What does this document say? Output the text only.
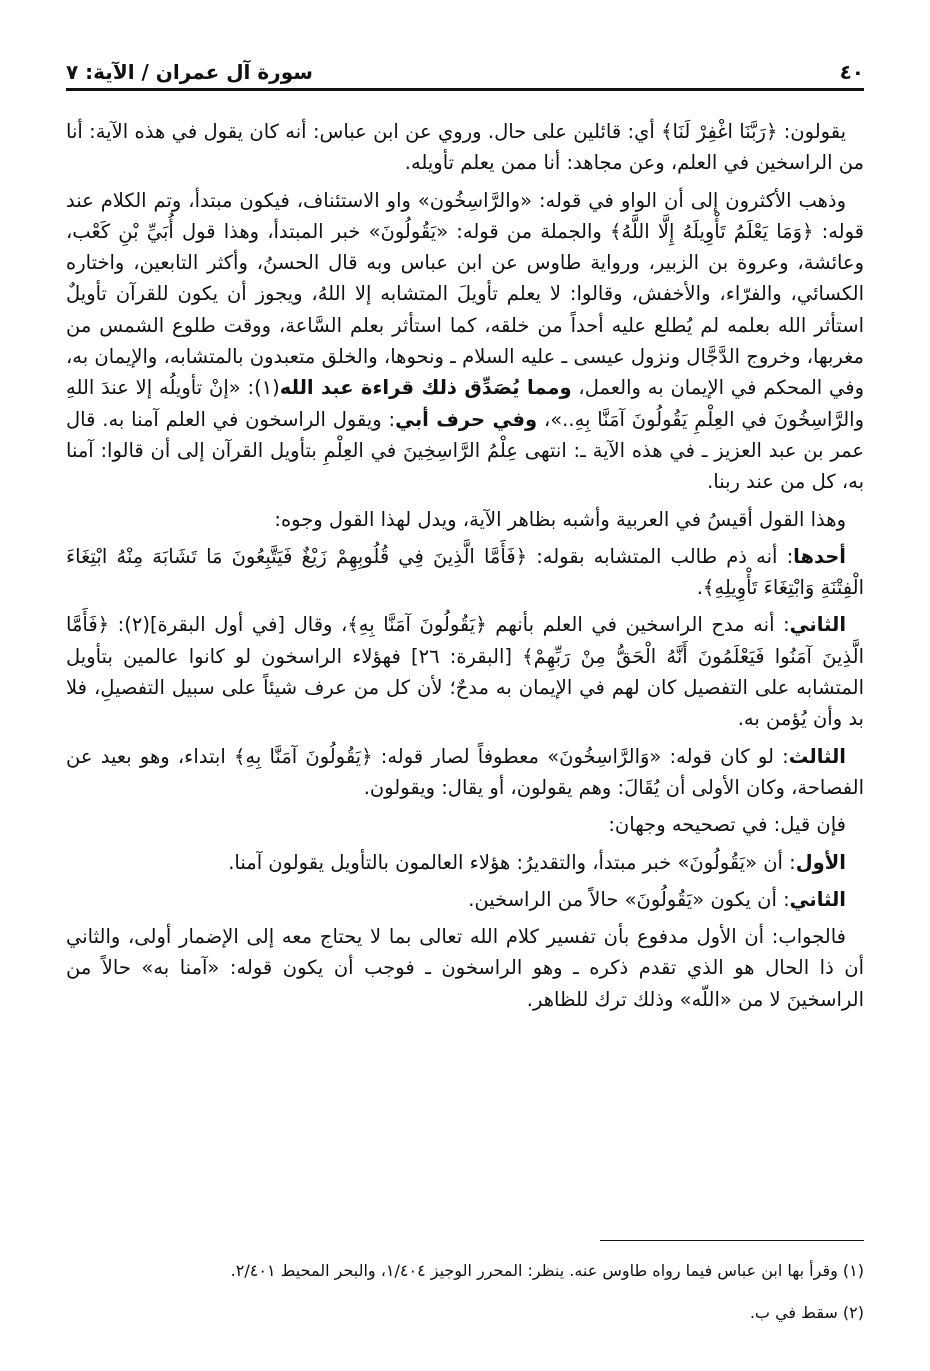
٤٠
سورة آل عمران / الآية: ٧

يقولون: ﴿رَبَّنَا اغْفِرْ لَنَا﴾ أي: قائلين على حال. وروي عن ابن عباس: أنه كان يقول في هذه الآية: أنا من الراسخين في العلم، وعن مجاهد: أنا ممن يعلم تأويله.

وذهب الأكثرون إلى أن الواو في قوله: «والرَّاسِخُون» واو الاستئناف، فيكون مبتدأ، وتم الكلام عند قوله: ﴿وَمَا يَعْلَمُ تَأْوِيلَهُ إِلَّا اللَّهُ﴾ والجملة من قوله: «يَقُولُونَ» خبر المبتدأ، وهذا قول أُبَيِّ بْنِ كَعْب، وعائشة، وعروة بن الزبير، ورواية طاوس عن ابن عباس وبه قال الحسنُ، وأكثر التابعين، واختاره الكسائي، والفرّاء، والأخفش، وقالوا: لا يعلم تأويلَ المتشابه إلا اللهُ، ويجوز أن يكون للقرآن تأويلٌ استأثر الله بعلمه لم يُطلع عليه أحداً من خلقه، كما استأثر بعلم السَّاعة، ووقت طلوع الشمس من مغربها، وخروج الدَّجَّال ونزول عيسى ـ عليه السلام ـ ونحوها، والخلق متعبدون بالمتشابه، والإيمان به، وفي المحكم في الإيمان به والعمل، ومما يُصَدِّق ذلك قراءة عبد الله(١): «إنْ تأويلُه إلا عندَ اللهِ والرَّاسِخُونَ في العِلْمِ يَقُولُونَ آمَنَّا بِهِ..»، وفي حرف أبي: ويقول الراسخون في العلم آمنا به. قال عمر بن عبد العزيز ـ في هذه الآية ـ: انتهى عِلْمُ الرَّاسِخِينَ في العِلْمِ بتأويل القرآن إلى أن قالوا: آمنا به، كل من عند ربنا.

وهذا القول أقيسُ في العربية وأشبه بظاهر الآية، ويدل لهذا القول وجوه:

أحدها: أنه ذم طالب المتشابه بقوله: ﴿فَأَمَّا الَّذِينَ فِي قُلُوبِهِمْ زَيْغٌ فَيَتَّبِعُونَ مَا تَشَابَهَ مِنْهُ ابْتِغَاءَ الْفِتْنَةِ وَابْتِغَاءَ تَأْوِيلِهِ﴾.

الثاني: أنه مدح الراسخين في العلم بأنهم ﴿يَقُولُونَ آمَنَّا بِهِ﴾، وقال [في أول البقرة](٢): ﴿فَأَمَّا الَّذِينَ آمَنُوا فَيَعْلَمُونَ أَنَّهُ الْحَقُّ مِنْ رَبِّهِمْ﴾ [البقرة: ٢٦] فهؤلاء الراسخون لو كانوا عالمين بتأويل المتشابه على التفصيل كان لهم في الإيمان به مدحٌ؛ لأن كل من عرف شيئاً على سبيل التفصيلِ، فلا بد وأن يُؤمن به.

الثالث: لو كان قوله: «وَالرَّاسِخُونَ» معطوفاً لصار قوله: ﴿يَقُولُونَ آمَنَّا بِهِ﴾ ابتداء، وهو بعيد عن الفصاحة، وكان الأولى أن يُقَالَ: وهم يقولون، أو يقال: ويقولون.

فإن قيل: في تصحيحه وجهان:

الأول: أن «يَقُولُونَ» خبر مبتدأ، والتقديرُ: هؤلاء العالمون بالتأويل يقولون آمنا.

الثاني: أن يكون «يَقُولُونَ» حالاً من الراسخين.

فالجواب: أن الأول مدفوع بأن تفسير كلام الله تعالى بما لا يحتاج معه إلى الإضمار أولى، والثاني أن ذا الحال هو الذي تقدم ذكره ـ وهو الراسخون ـ فوجب أن يكون قوله: «آمنا به» حالاً من الراسخينَ لا من «اللّه» وذلك ترك للظاهر.

(١) وقرأ بها ابن عباس فيما رواه طاوس عنه. ينظر: المحرر الوجيز ١/٤٠٤، والبحر المحيط ٢/٤٠١.
(٢) سقط في ب.
